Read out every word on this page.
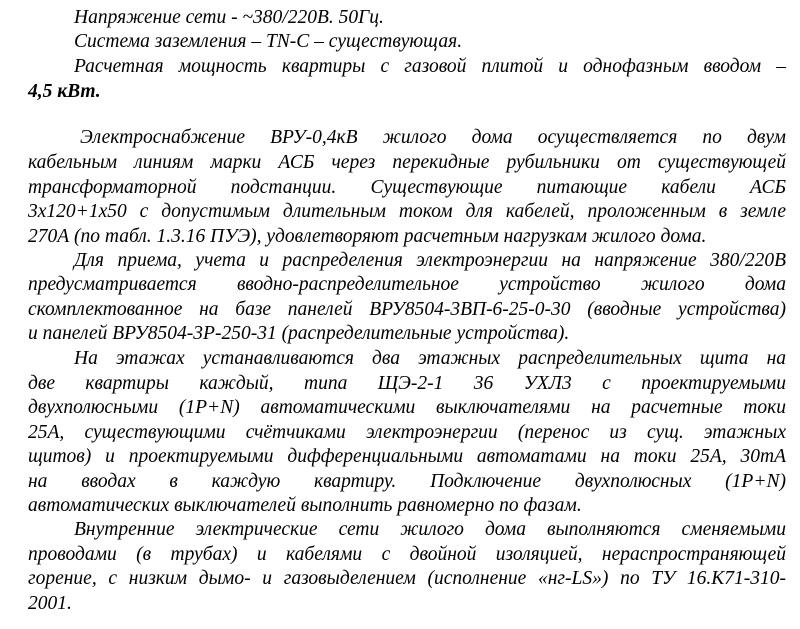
Напряжение сети - ~380/220В. 50Гц.
Система заземления – TN-C – существующая.
Расчетная мощность квартиры с газовой плитой и однофазным вводом –
4,5 кВт.
Электроснабжение ВРУ-0,4кВ жилого дома осуществляется по двум
кабельным линиям марки АСБ через перекидные рубильники от существующей
трансформаторной подстанции. Существующие питающие кабели АСБ
3х120+1х50 с допустимым длительным током для кабелей, проложенным в земле
270А (по табл. 1.3.16 ПУЭ), удовлетворяют расчетным нагрузкам жилого дома.
Для приема, учета и распределения электроэнергии на напряжение 380/220В
предусматривается вводно-распределительное устройство жилого дома
скомплектованное на базе панелей ВРУ8504-3ВП-6-25-0-30 (вводные устройства)
и панелей ВРУ8504-3Р-250-31 (распределительные устройства).
На этажах устанавливаются два этажных распределительных щита на
две квартиры каждый, типа ЩЭ-2-1 36 УХЛ3 с проектируемыми
двухполюсными (1P+N) автоматическими выключателями на расчетные токи
25А, существующими счётчиками электроэнергии (перенос из сущ. этажных
щитов) и проектируемыми дифференциальными автоматами на токи 25А, 30mA
на вводах в каждую квартиру. Подключение двухполюсных (1P+N)
автоматических выключателей выполнить равномерно по фазам.
Внутренние электрические сети жилого дома выполняются сменяемыми
проводами (в трубах) и кабелями с двойной изоляцией, нераспространяющей
горение, с низким дымо- и газовыделением (исполнение «нг-LS») по ТУ 16.К71-310-
2001.
